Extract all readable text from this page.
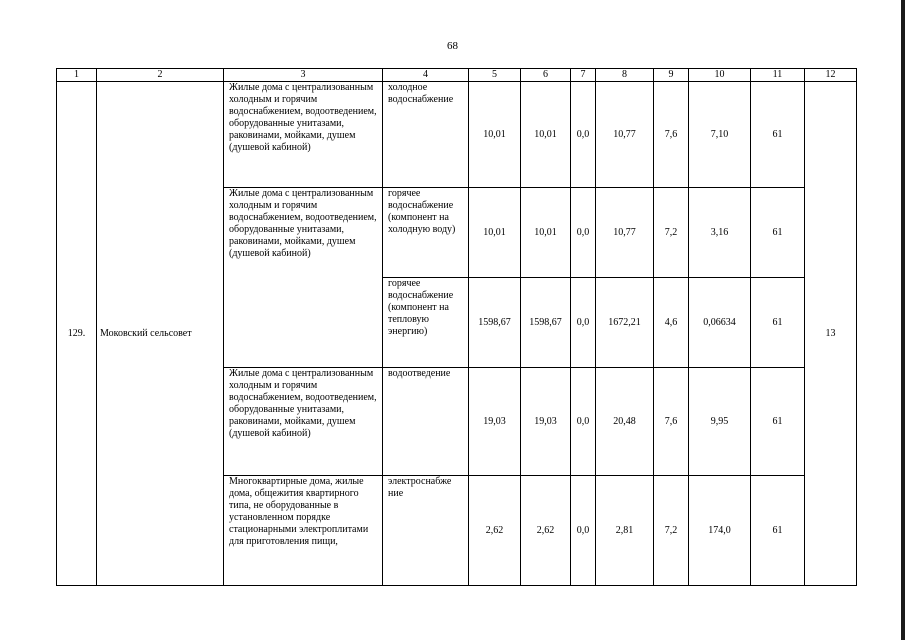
68
1	2	3	4	5	6	7	8	9	10	11	12
129.	Моковский сельсовет	Жилые дома с централизованным холодным и горячим водоснабжением, водоотведением, оборудованные унитазами, раковинами, мойками, душем (душевой кабиной)	холодное водоснабжение	10,01	10,01	0,0	10,77	7,6	7,10	61	13
		Жилые дома с централизованным холодным и горячим водоснабжением, водоотведением, оборудованные унитазами, раковинами, мойками, душем (душевой кабиной)	горячее водоснабжение (компонент на холодную воду)	10,01	10,01	0,0	10,77	7,2	3,16	61	
			горячее водоснабжение (компонент на тепловую энергию)	1598,67	1598,67	0,0	1672,21	4,6	0,06634	61	
		Жилые дома с централизованным холодным и горячим водоснабжением, водоотведением, оборудованные унитазами, раковинами, мойками, душем (душевой кабиной)	водоотведение	19,03	19,03	0,0	20,48	7,6	9,95	61	
		Многоквартирные дома, жилые дома, общежития квартирного типа, не оборудованные в установленном порядке стационарными электроплитами для приготовления пищи,	электроснабже ние	2,62	2,62	0,0	2,81	7,2	174,0	61	
